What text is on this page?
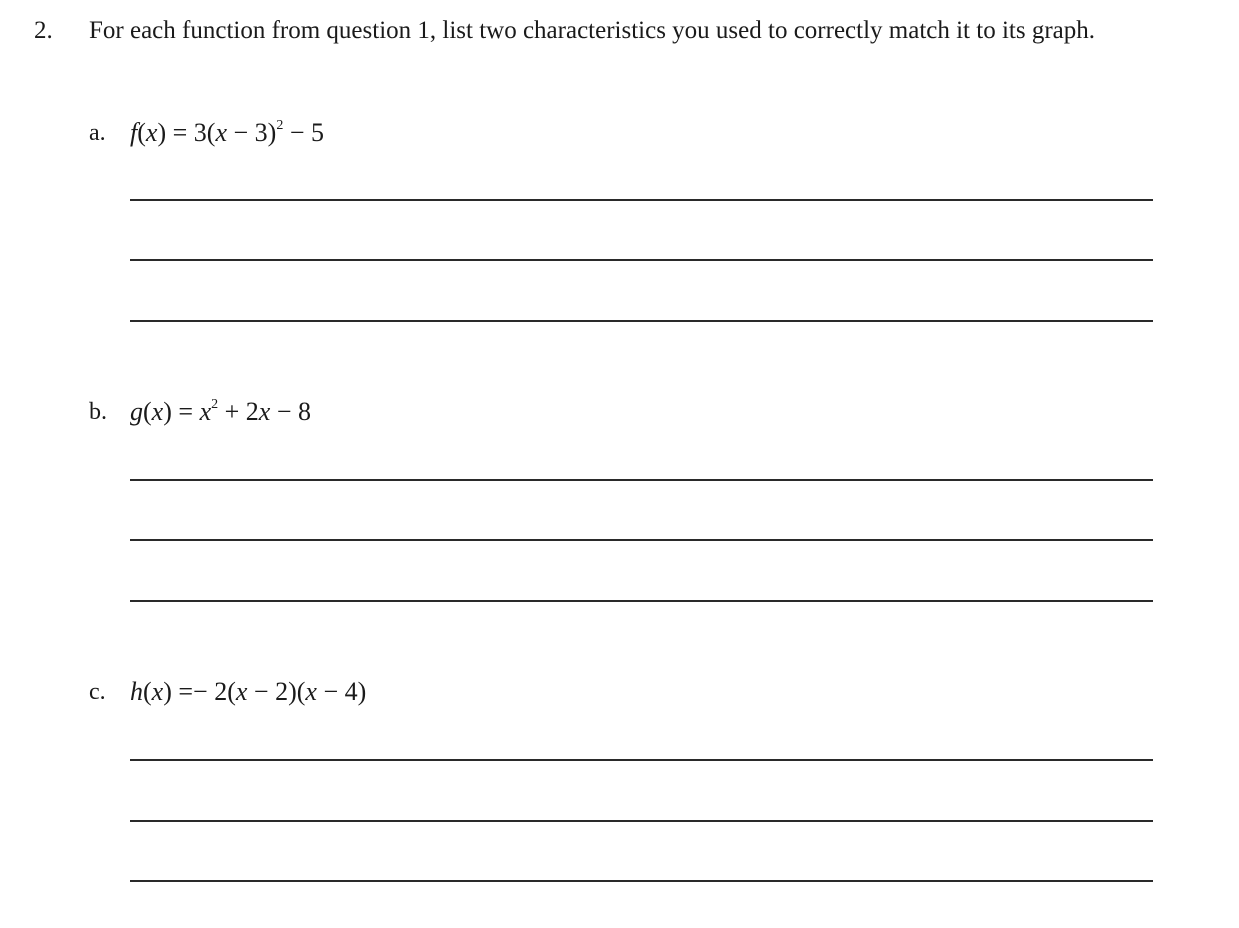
2. For each function from question 1, list two characteristics you used to correctly match it to its graph.
a. $f(x) = 3(x - 3)^2 - 5$
b. $g(x) = x^2 + 2x - 8$
c. h(x) =− 2(x − 2)(x − 4)
